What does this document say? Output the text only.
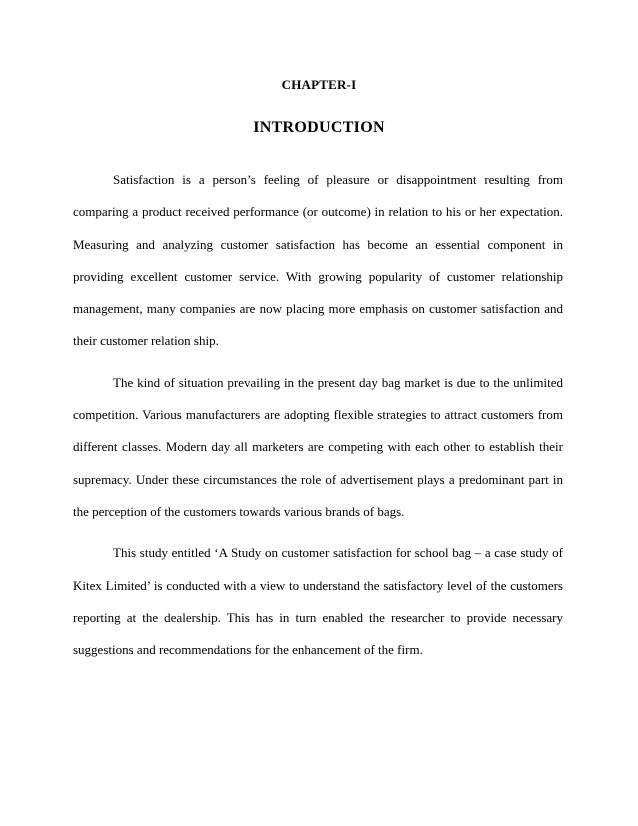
CHAPTER-I
INTRODUCTION

Satisfaction is a person’s feeling of pleasure or disappointment resulting from comparing a product received performance (or outcome) in relation to his or her expectation. Measuring and analyzing customer satisfaction has become an essential component in providing excellent customer service. With growing popularity of customer relationship management, many companies are now placing more emphasis on customer satisfaction and their customer relation ship.

The kind of situation prevailing in the present day bag market is due to the unlimited competition. Various manufacturers are adopting flexible strategies to attract customers from different classes. Modern day all marketers are competing with each other to establish their supremacy. Under these circumstances the role of advertisement plays a predominant part in the perception of the customers towards various brands of bags.

This study entitled ‘A Study on customer satisfaction for school bag – a case study of Kitex Limited’ is conducted with a view to understand the satisfactory level of the customers reporting at the dealership. This has in turn enabled the researcher to provide necessary suggestions and recommendations for the enhancement of the firm.
